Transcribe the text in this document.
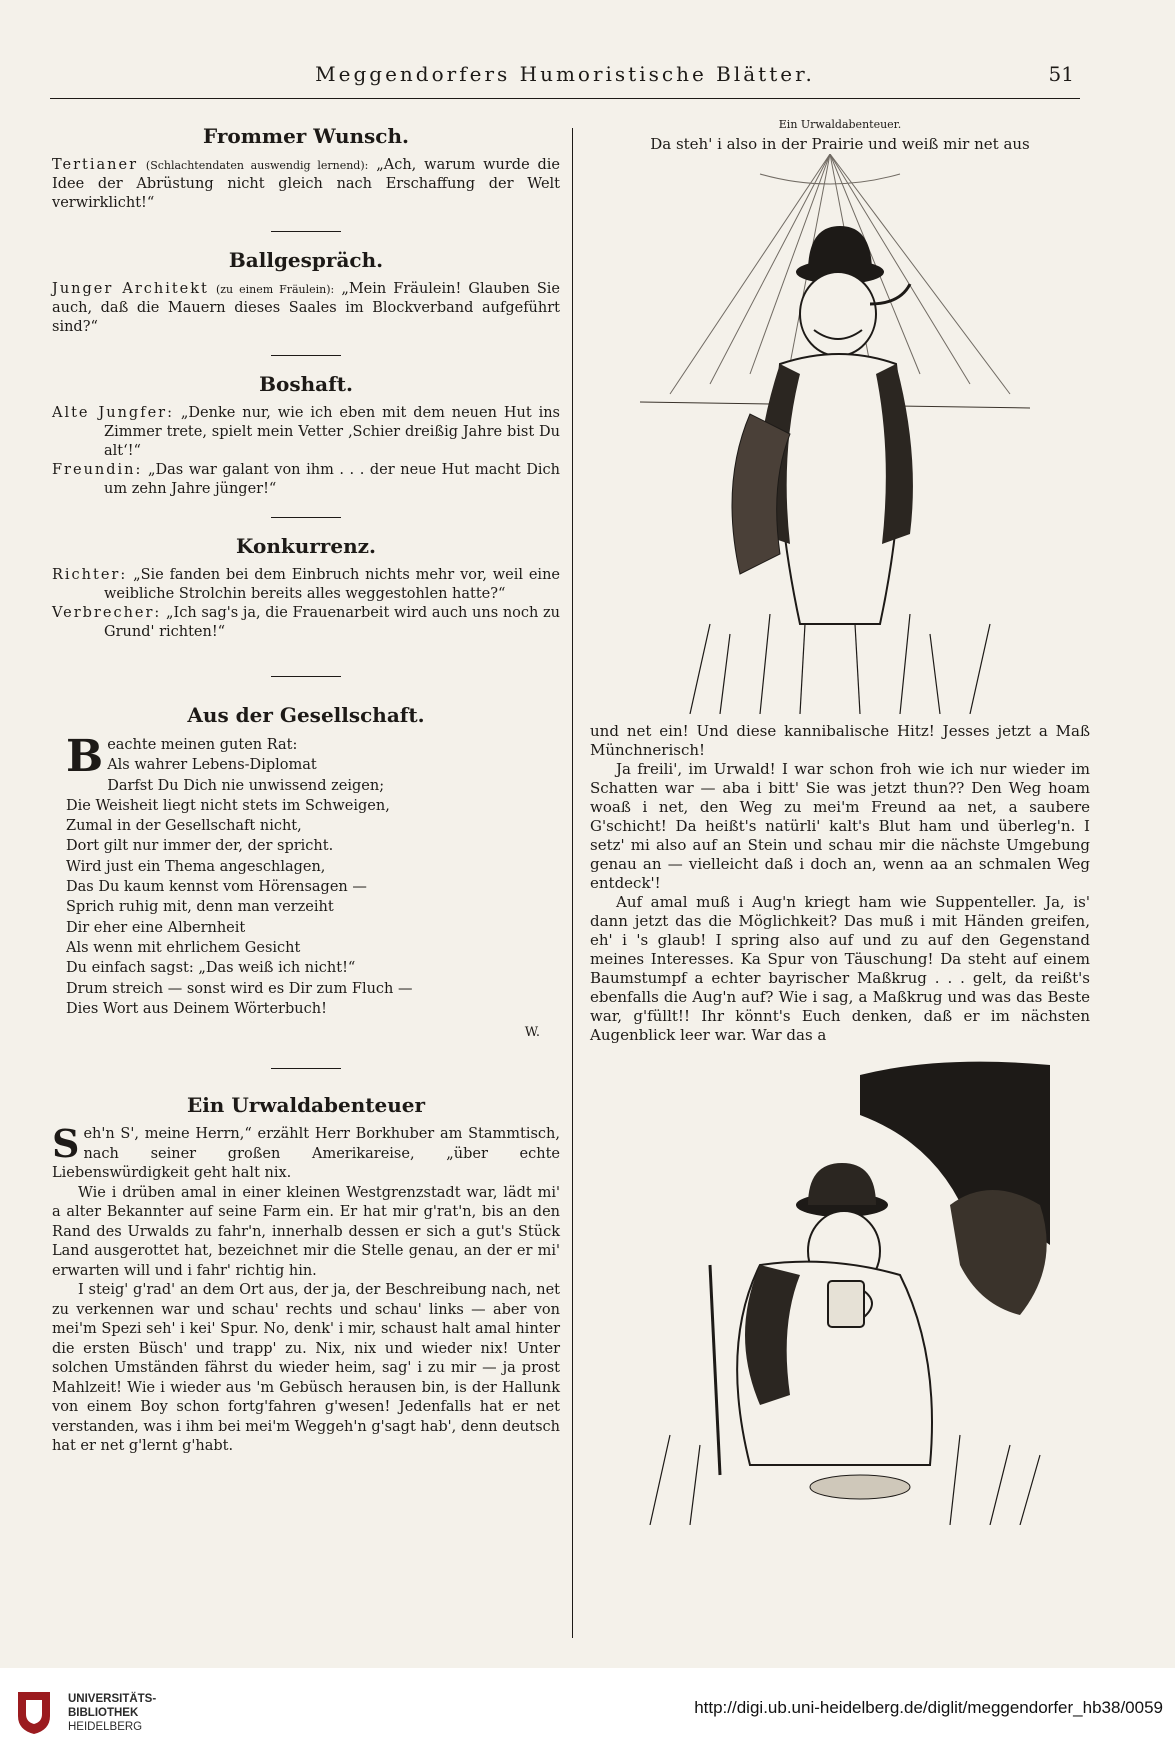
Meggendorfers Humoristische Blätter.	51
Frommer Wunsch.

Tertianer (Schlachtendaten auswendig lernend): „Ach, warum wurde die Idee der Abrüstung nicht gleich nach Erschaffung der Welt verwirklicht!“

Ballgespräch.

Junger Architekt (zu einem Fräulein): „Mein Fräulein! Glauben Sie auch, daß die Mauern dieses Saales im Blockverband aufgeführt sind?“

Boshaft.

Alte Jungfer: „Denke nur, wie ich eben mit dem neuen Hut ins Zimmer trete, spielt mein Vetter ‚Schier dreißig Jahre bist Du alt‘!“

Freundin: „Das war galant von ihm . . . der neue Hut macht Dich um zehn Jahre jünger!“

Konkurrenz.

Richter: „Sie fanden bei dem Einbruch nichts mehr vor, weil eine weibliche Strolchin bereits alles weggestohlen hatte?“

Verbrecher: „Ich sag's ja, die Frauenarbeit wird auch uns noch zu Grund' richten!“

Aus der Gesellschaft.
B eachte meinen guten Rat:
Als wahrer Lebens-Diplomat
Darfst Du Dich nie unwissend zeigen;
Die Weisheit liegt nicht stets im Schweigen,
Zumal in der Gesellschaft nicht,
Dort gilt nur immer der, der spricht.
Wird just ein Thema angeschlagen,
Das Du kaum kennst vom Hörensagen —
Sprich ruhig mit, denn man verzeiht
Dir eher eine Albernheit
Als wenn mit ehrlichem Gesicht
Du einfach sagst: „Das weiß ich nicht!“
Drum streich — sonst wird es Dir zum Fluch —
Dies Wort aus Deinem Wörterbuch!
W.
Ein Urwaldabenteuer

S eh'n S', meine Herrn,“ erzählt Herr Borkhuber am Stammtisch, nach seiner großen Amerikareise, „über echte Liebenswürdigkeit geht halt nix.

Wie i drüben amal in einer kleinen Westgrenzstadt war, lädt mi' a alter Bekannter auf seine Farm ein. Er hat mir g'rat'n, bis an den Rand des Urwalds zu fahr'n, innerhalb dessen er sich a gut's Stück Land ausgerottet hat, bezeichnet mir die Stelle genau, an der er mi' erwarten will und i fahr' richtig hin.

I steig' g'rad' an dem Ort aus, der ja, der Beschreibung nach, net zu verkennen war und schau' rechts und schau' links — aber von mei'm Spezi seh' i kei' Spur. No, denk' i mir, schaust halt amal hinter die ersten Büsch' und trapp' zu. Nix, nix und wieder nix! Unter solchen Umständen fährst du wieder heim, sag' i zu mir — ja prost Mahlzeit! Wie i wieder aus 'm Gebüsch herausen bin, is der Hallunk von einem Boy schon fortg'fahren g'wesen! Jedenfalls hat er net verstanden, was i ihm bei mei'm Weggeh'n g'sagt hab', denn deutsch hat er net g'lernt g'habt.

Ein Urwaldabenteuer.

Da steh' i also in der Prairie und weiß mir net aus

und net ein! Und diese kannibalische Hitz! Jesses jetzt a Maß Münchnerisch!

Ja freili', im Urwald! I war schon froh wie ich nur wieder im Schatten war — aba i bitt' Sie was jetzt thun?? Den Weg hoam woaß i net, den Weg zu mei'm Freund aa net, a saubere G'schicht! Da heißt's natürli' kalt's Blut ham und überleg'n. I setz' mi also auf an Stein und schau mir die nächste Umgebung genau an — vielleicht daß i doch an, wenn aa an schmalen Weg entdeck'!

Auf amal muß i Aug'n kriegt ham wie Suppenteller. Ja, is' dann jetzt das die Möglichkeit? Das muß i mit Händen greifen, eh' i 's glaub! I spring also auf und zu auf den Gegenstand meines Interesses. Ka Spur von Täuschung! Da steht auf einem Baumstumpf a echter bayrischer Maßkrug . . . gelt, da reißt's ebenfalls die Aug'n auf? Wie i sag, a Maßkrug und was das Beste war, g'füllt!! Ihr könnt's Euch denken, daß er im nächsten Augenblick leer war. War das a

UNIVERSITÄTS-
BIBLIOTHEK
HEIDELBERG
http://digi.ub.uni-heidelberg.de/diglit/meggendorfer_hb38/0059
